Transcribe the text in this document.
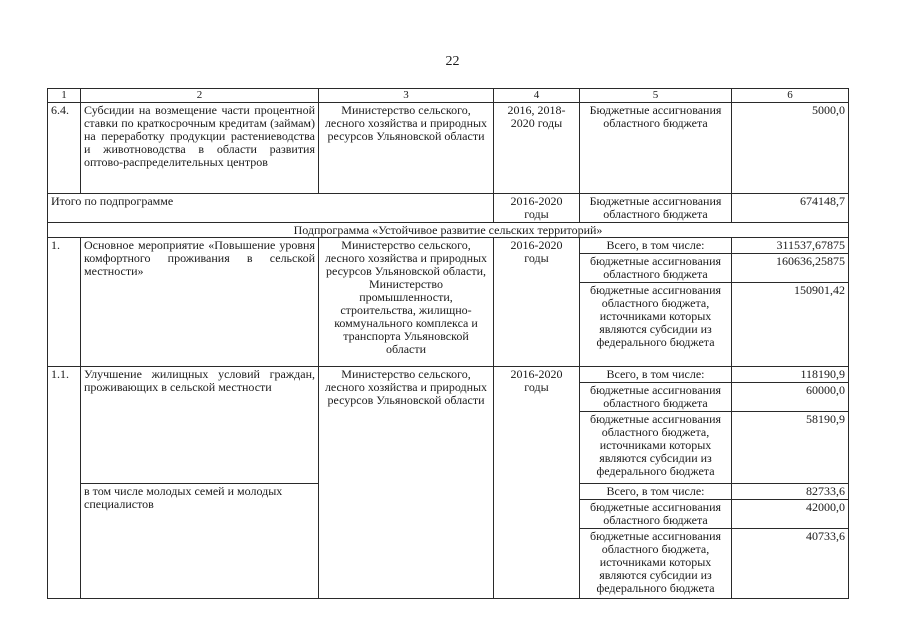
22
1	2	3	4	5	6
6.4.	Субсидии на возмещение части процентной ставки по краткосрочным кредитам (займам) на переработку продукции растениеводства и животноводства в области развития оптово-распределительных центров	Министерство сельского, лесного хозяйства и природных ресурсов Ульяновской области	2016, 2018-2020 годы	Бюджетные ассигнования областного бюджета	5000,0
Итого по подпрограмме			2016-2020 годы	Бюджетные ассигнования областного бюджета	674148,7
Подпрограмма «Устойчивое развитие сельских территорий»					
1.	Основное мероприятие «Повышение уровня комфортного проживания в сельской местности»	Министерство сельского, лесного хозяйства и природных ресурсов Ульяновской области, Министерство промышленности, строительства, жилищно-коммунального комплекса и транспорта Ульяновской области	2016-2020 годы	Всего, в том числе:	311537,67875
				бюджетные ассигнования областного бюджета	160636,25875
				бюджетные ассигнования областного бюджета, источниками которых являются субсидии из федерального бюджета	150901,42
1.1.	Улучшение жилищных условий граждан, проживающих в сельской местности	Министерство сельского, лесного хозяйства и природных ресурсов Ульяновской области	2016-2020 годы	Всего, в том числе:	118190,9
				бюджетные ассигнования областного бюджета	60000,0
				бюджетные ассигнования областного бюджета, источниками которых являются субсидии из федерального бюджета	58190,9
	в том числе молодых семей и молодых специалистов			Всего, в том числе:	82733,6
				бюджетные ассигнования областного бюджета	42000,0
				бюджетные ассигнования областного бюджета, источниками которых являются субсидии из федерального бюджета	40733,6
